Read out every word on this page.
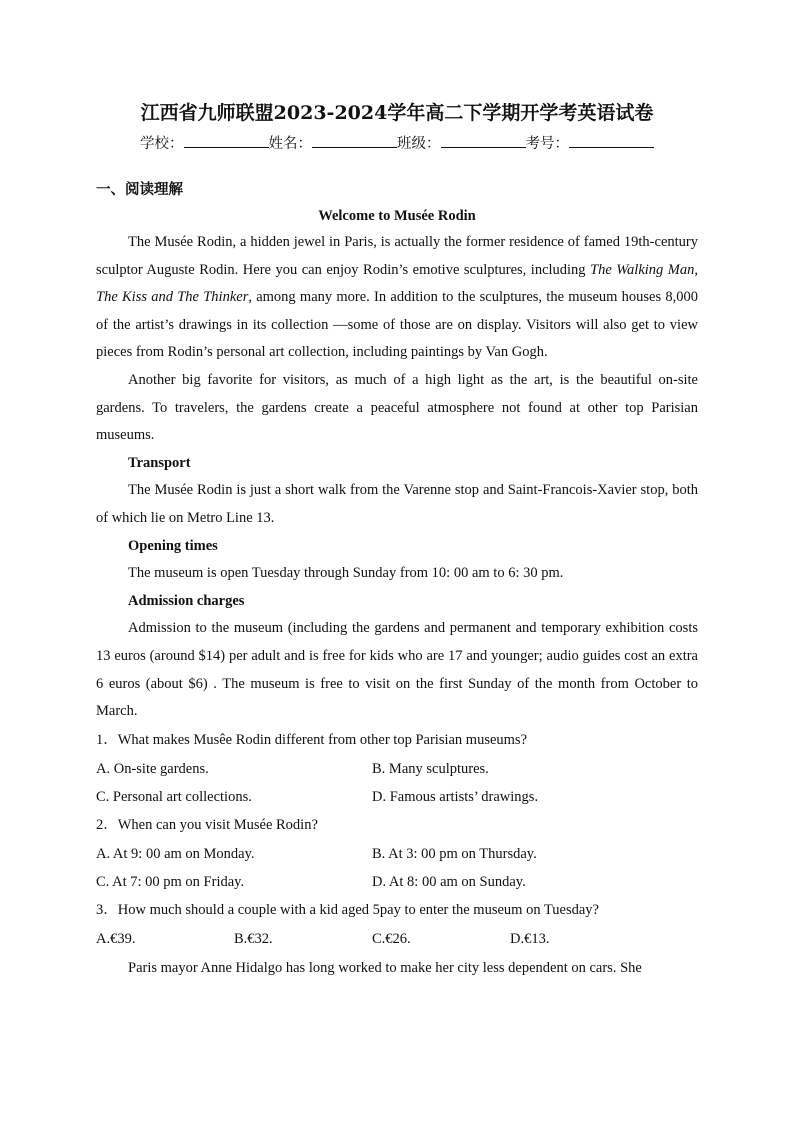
江西省九师联盟2023-2024学年高二下学期开学考英语试卷
学校：	姓名：	班级：	考号：
一、阅读理解
Welcome to Musée Rodin

The Musée Rodin, a hidden jewel in Paris, is actually the former residence of famed 19th-century sculptor Auguste Rodin. Here you can enjoy Rodin’s emotive sculptures, including The Walking Man, The Kiss and The Thinker, among many more. In addition to the sculptures, the museum houses 8,000 of the artist’s drawings in its collection —some of those are on display. Visitors will also get to view pieces from Rodin’s personal art collection, including paintings by Van Gogh.

Another big favorite for visitors, as much of a high light as the art, is the beautiful on-site gardens. To travelers, the gardens create a peaceful atmosphere not found at other top Parisian museums.

Transport

The Musée Rodin is just a short walk from the Varenne stop and Saint-Francois-Xavier stop, both of which lie on Metro Line 13.

Opening times

The museum is open Tuesday through Sunday from 10: 00 am to 6: 30 pm.

Admission charges

Admission to the museum (including the gardens and permanent and temporary exhibition costs 13 euros (around $14) per adult and is free for kids who are 17 and younger; audio guides cost an extra 6 euros (about $6) . The museum is free to visit on the first Sunday of the month from October to March.

1．What makes Musêe Rodin different from other top Parisian museums?
A. On-site gardens.	B. Many sculptures.
C. Personal art collections.	D. Famous artists’ drawings.
2．When can you visit Musée Rodin?
A. At 9: 00 am on Monday.	B. At 3: 00 pm on Thursday.
C. At 7: 00 pm on Friday.	D. At 8: 00 am on Sunday.
3．How much should a couple with a kid aged 5pay to enter the museum on Tuesday?
A.€39.	B.€32.	C.€26.	D.€13.

Paris mayor Anne Hidalgo has long worked to make her city less dependent on cars. She
